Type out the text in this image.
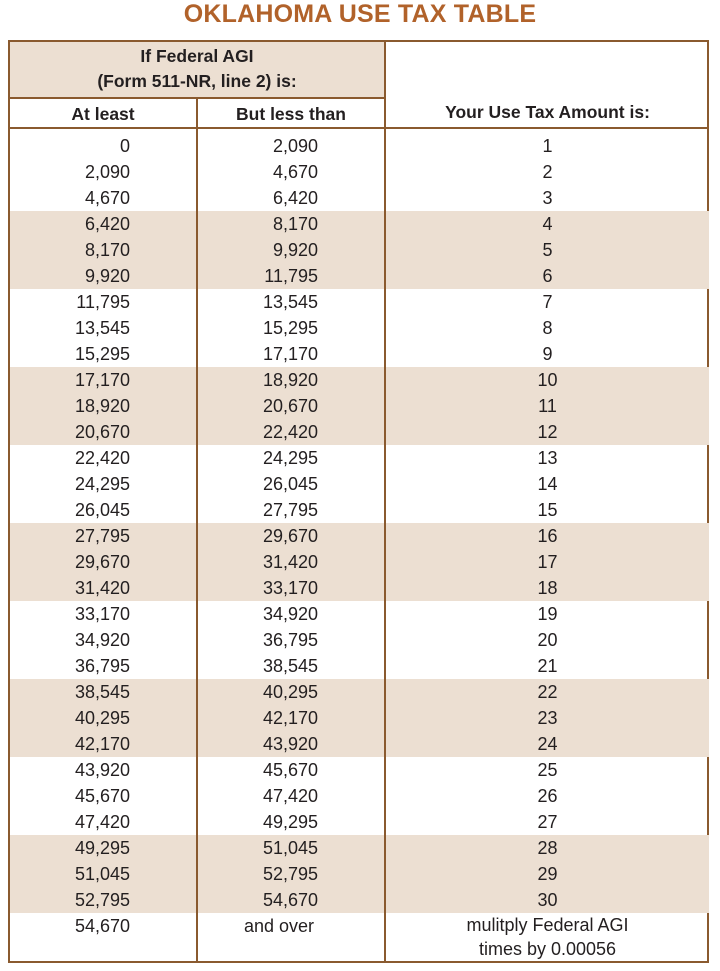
OKLAHOMA USE TAX TABLE
If Federal AGI
(Form 511-NR, line 2) is:
At least	But less than	Your Use Tax Amount is:
0	2,090	1
2,090	4,670	2
4,670	6,420	3
6,420	8,170	4
8,170	9,920	5
9,920	11,795	6
11,795	13,545	7
13,545	15,295	8
15,295	17,170	9
17,170	18,920	10
18,920	20,670	11
20,670	22,420	12
22,420	24,295	13
24,295	26,045	14
26,045	27,795	15
27,795	29,670	16
29,670	31,420	17
31,420	33,170	18
33,170	34,920	19
34,920	36,795	20
36,795	38,545	21
38,545	40,295	22
40,295	42,170	23
42,170	43,920	24
43,920	45,670	25
45,670	47,420	26
47,420	49,295	27
49,295	51,045	28
51,045	52,795	29
52,795	54,670	30
54,670	and over	mulitply Federal AGI
times by 0.00056
